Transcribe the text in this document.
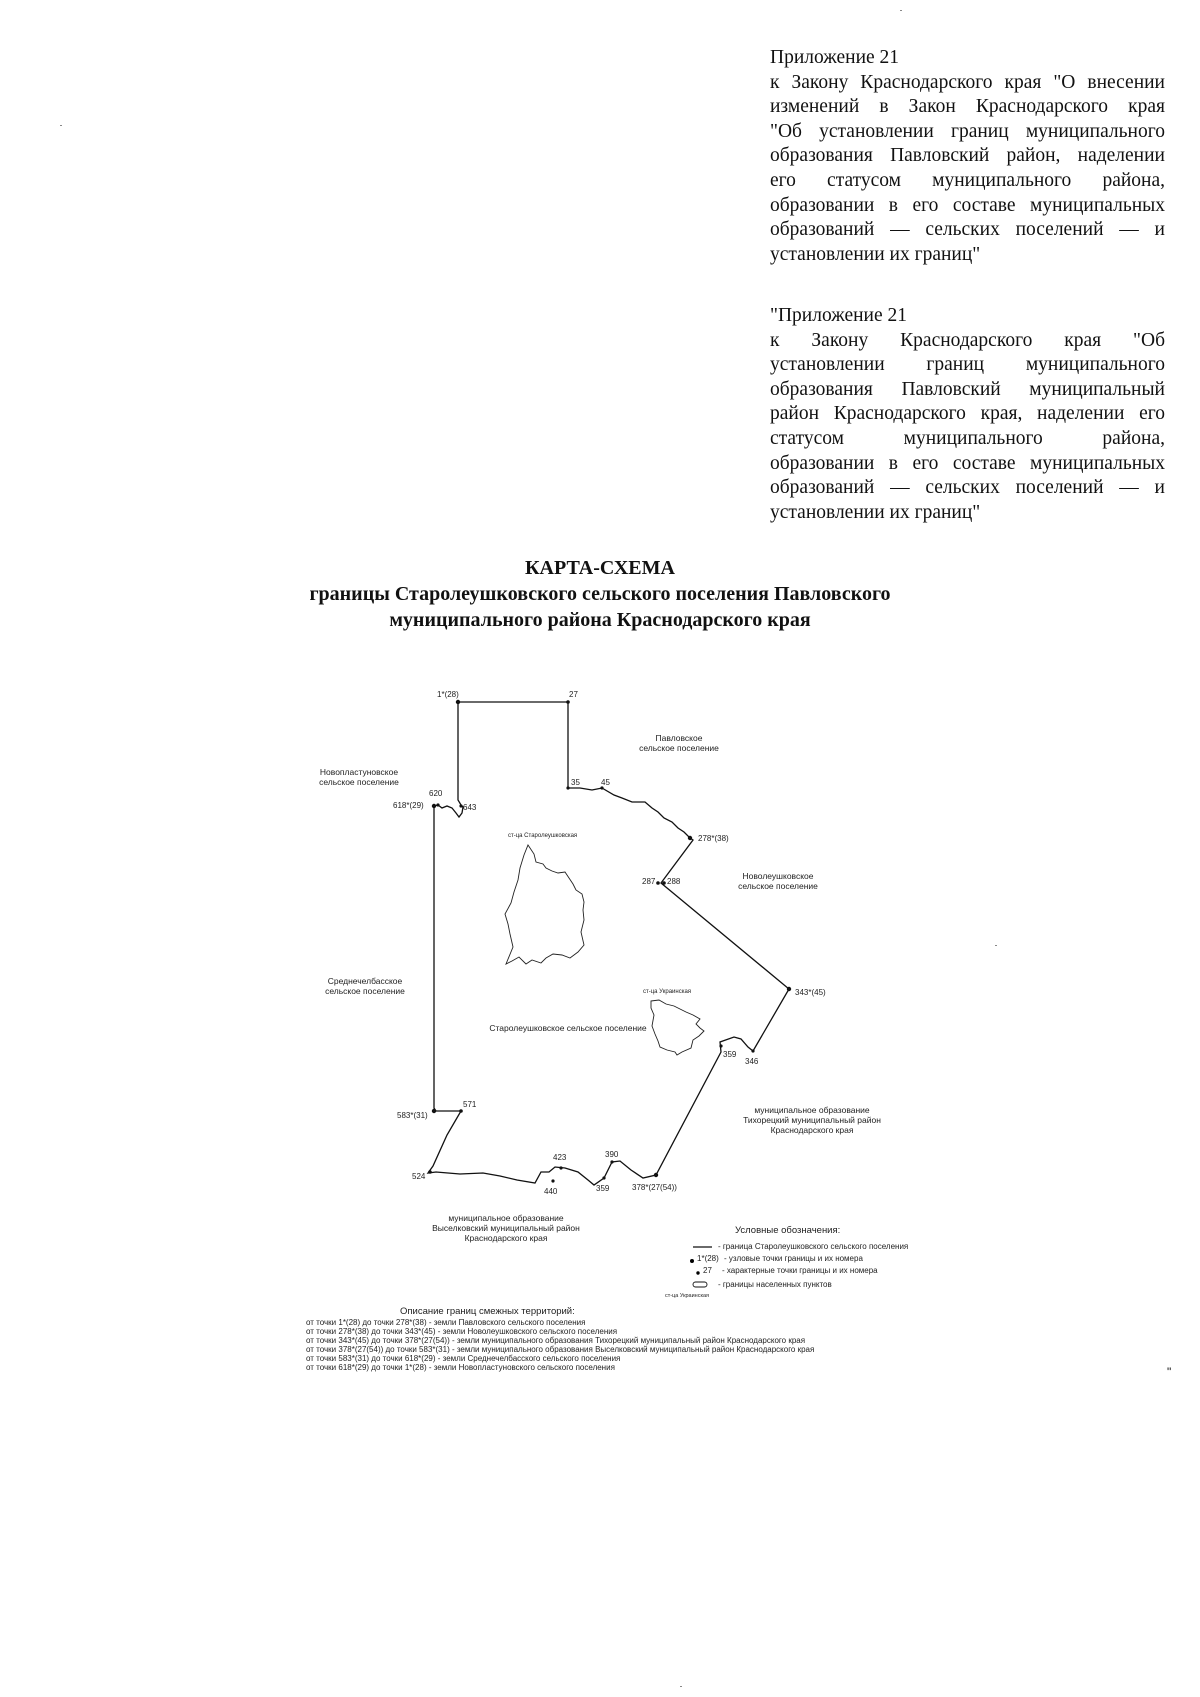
Приложение 21
к Закону Краснодарского края "О внесении
изменений в Закон Краснодарского края
"Об установлении границ муниципального
образования Павловский район, наделении
его статусом муниципального района,
образовании в его составе муниципальных
образований — сельских поселений — и
установлении их границ"
"Приложение 21
к Закону Краснодарского края "Об
установлении границ муниципального
образования Павловский муниципальный
район Краснодарского края, наделении его
статусом муниципального района,
образовании в его составе муниципальных
образований — сельских поселений — и
установлении их границ"
КАРТА-СХЕМА
границы Старолеушковского сельского поселения Павловского
муниципального района Краснодарского края
1*(28)	27
35	45
278*(38)
287 288
343*(45)
346
359
378*(27(54))
390
359
423
440
524
571
583*(31)
618*(29)
620
643
ст-ца Старолеушковская
ст-ца Украинская
Павловское
сельское поселение
Новопластуновское
сельское поселение
Новолеушковское
сельское поселение
Среднечелбасское
сельское поселение
Старолеушковское сельское поселение
муниципальное образование
Тихорецкий муниципальный район
Краснодарского края
муниципальное образование
Выселковский муниципальный район
Краснодарского края
Условные обозначения:
- граница Старолеушковского сельского поселения
1*(28) - узловые точки границы и их номера
27 - характерные точки границы и их номера
- границы населенных пунктов
ст-ца Украинская
Описание границ смежных территорий:
от точки 1*(28) до точки 278*(38) - земли Павловского сельского поселения
от точки 278*(38) до точки 343*(45) - земли Новолеушковского сельского поселения
от точки 343*(45) до точки 378*(27(54)) - земли муниципального образования Тихорецкий муниципальный район Краснодарского края
от точки 378*(27(54)) до точки 583*(31) - земли муниципального образования Выселковский муниципальный район Краснодарского края
от точки 583*(31) до точки 618*(29) - земли Среднечелбасского сельского поселения
от точки 618*(29) до точки 1*(28) - земли Новопластуновского сельского поселения	"
